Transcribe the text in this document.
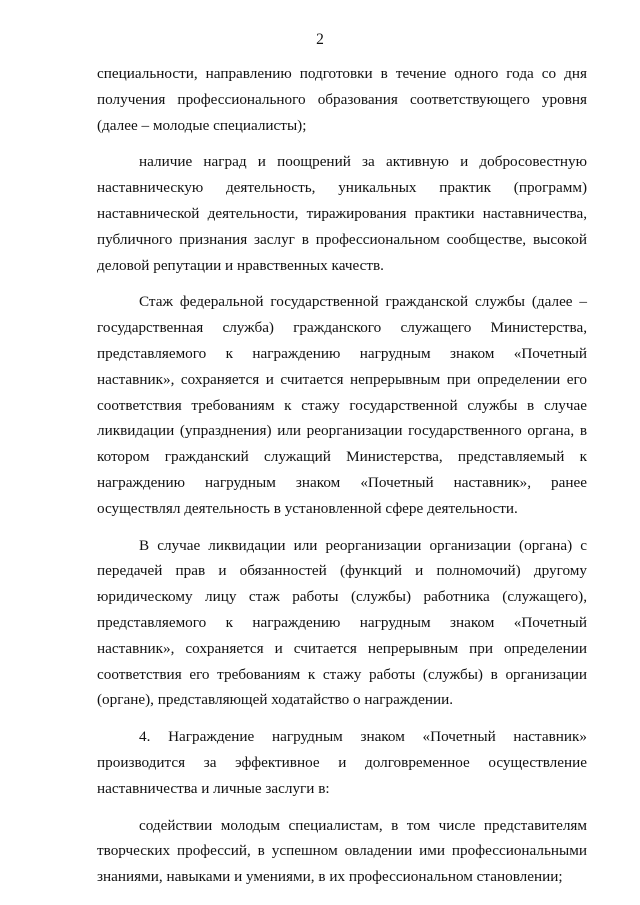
2

специальности, направлению подготовки в течение одного года со дня получения профессионального образования соответствующего уровня (далее – молодые специалисты);

наличие наград и поощрений за активную и добросовестную наставническую деятельность, уникальных практик (программ) наставнической деятельности, тиражирования практики наставничества, публичного признания заслуг в профессиональном сообществе, высокой деловой репутации и нравственных качеств.

Стаж федеральной государственной гражданской службы (далее – государственная служба) гражданского служащего Министерства, представляемого к награждению нагрудным знаком «Почетный наставник», сохраняется и считается непрерывным при определении его соответствия требованиям к стажу государственной службы в случае ликвидации (упразднения) или реорганизации государственного органа, в котором гражданский служащий Министерства, представляемый к награждению нагрудным знаком «Почетный наставник», ранее осуществлял деятельность в установленной сфере деятельности.

В случае ликвидации или реорганизации организации (органа) с передачей прав и обязанностей (функций и полномочий) другому юридическому лицу стаж работы (службы) работника (служащего), представляемого к награждению нагрудным знаком «Почетный наставник», сохраняется и считается непрерывным при определении соответствия его требованиям к стажу работы (службы) в организации (органе), представляющей ходатайство о награждении.

4. Награждение нагрудным знаком «Почетный наставник» производится за эффективное и долговременное осуществление наставничества и личные заслуги в:

содействии молодым специалистам, в том числе представителям творческих профессий, в успешном овладении ими профессиональными знаниями, навыками и умениями, в их профессиональном становлении;
